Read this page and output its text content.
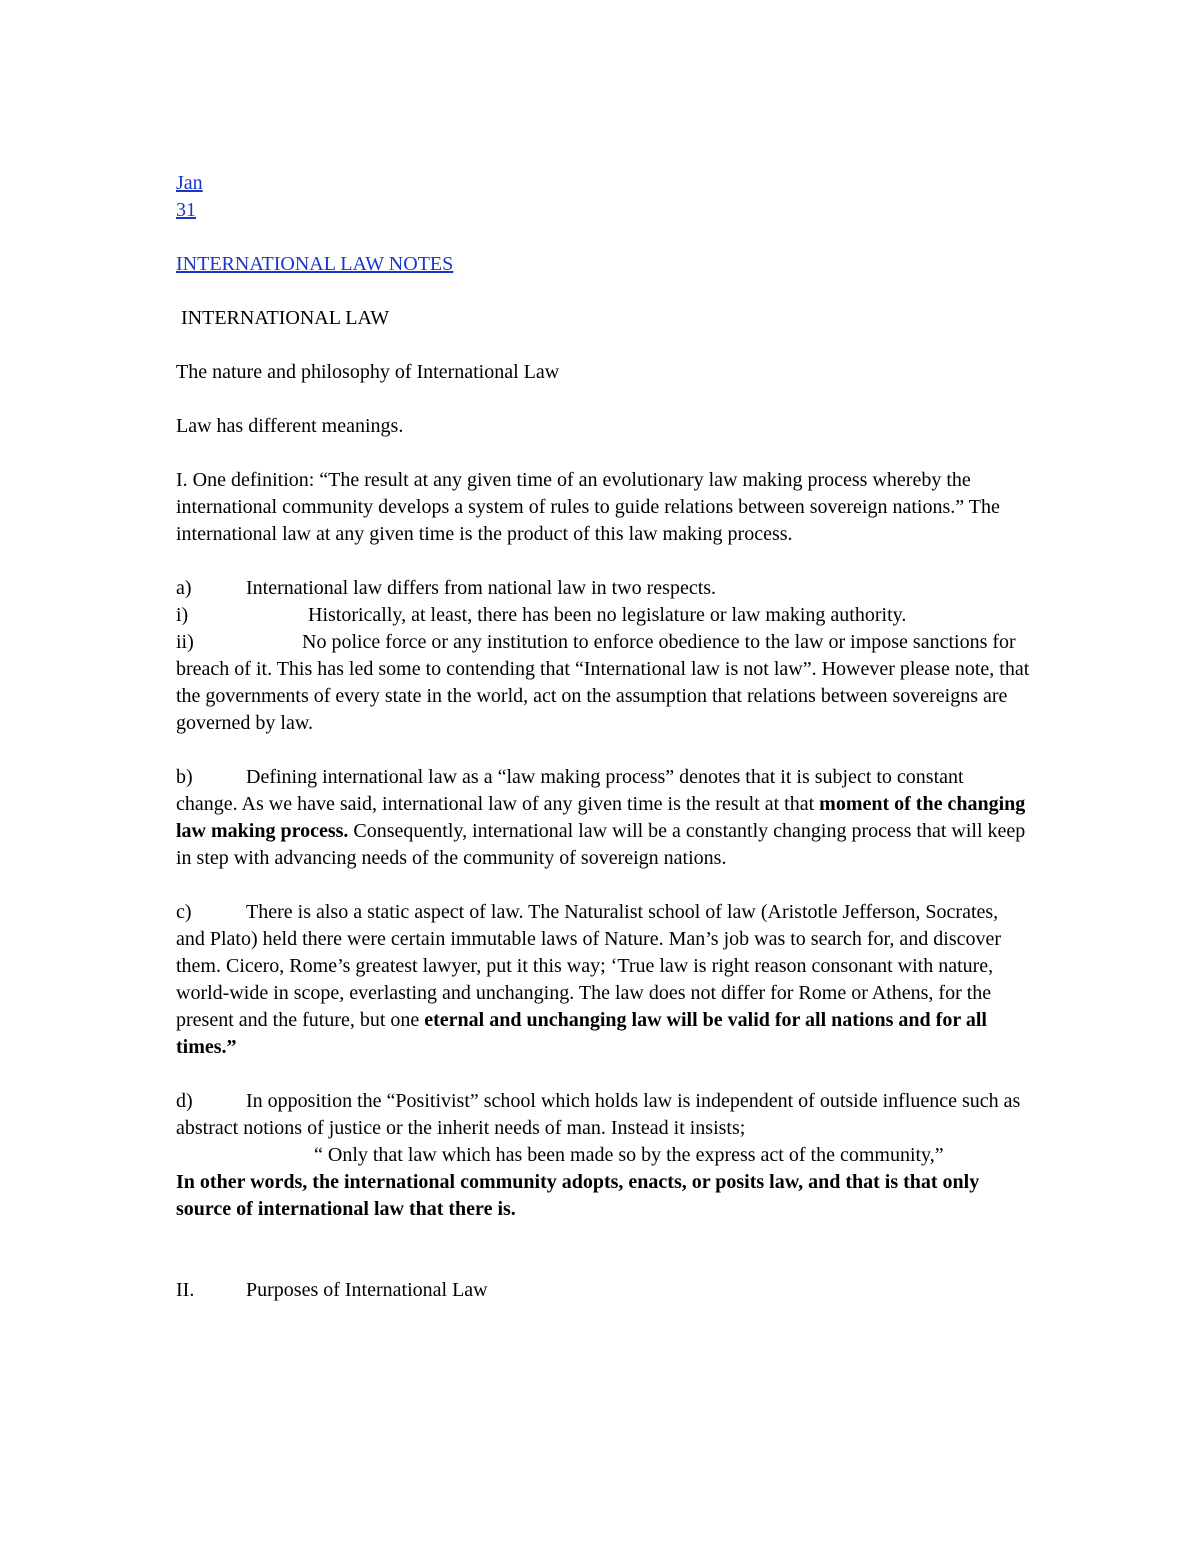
Jan

31

INTERNATIONAL LAW NOTES

INTERNATIONAL LAW

The nature and philosophy of International Law

Law has different meanings.

I. One definition: “The result at any given time of an evolutionary law making process whereby the international community develops a system of rules to guide relations between sovereign nations.” The international law at any given time is the product of this law making process.

a)	International law differs from national law in two respects.

i)	Historically, at least, there has been no legislature or law making authority.

ii)	No police force or any institution to enforce obedience to the law or impose sanctions for breach of it. This has led some to contending that “International law is not law”. However please note, that the governments of every state in the world, act on the assumption that relations between sovereigns are governed by law.

b)	Defining international law as a “law making process” denotes that it is subject to constant change. As we have said, international law of any given time is the result at that moment of the changing law making process. Consequently, international law will be a constantly changing process that will keep in step with advancing needs of the community of sovereign nations.

c)	There is also a static aspect of law. The Naturalist school of law (Aristotle Jefferson, Socrates, and Plato) held there were certain immutable laws of Nature. Man’s job was to search for, and discover them. Cicero, Rome’s greatest lawyer, put it this way; ‘True law is right reason consonant with nature, world-wide in scope, everlasting and unchanging. The law does not differ for Rome or Athens, for the present and the future, but one eternal and unchanging law will be valid for all nations and for all times.”

d)	In opposition the “Positivist” school which holds law is independent of outside influence such as abstract notions of justice or the inherit needs of man. Instead it insists;

“ Only that law which has been made so by the express act of the community,”

In other words, the international community adopts, enacts, or posits law, and that is that only source of international law that there is.

II.	Purposes of International Law
